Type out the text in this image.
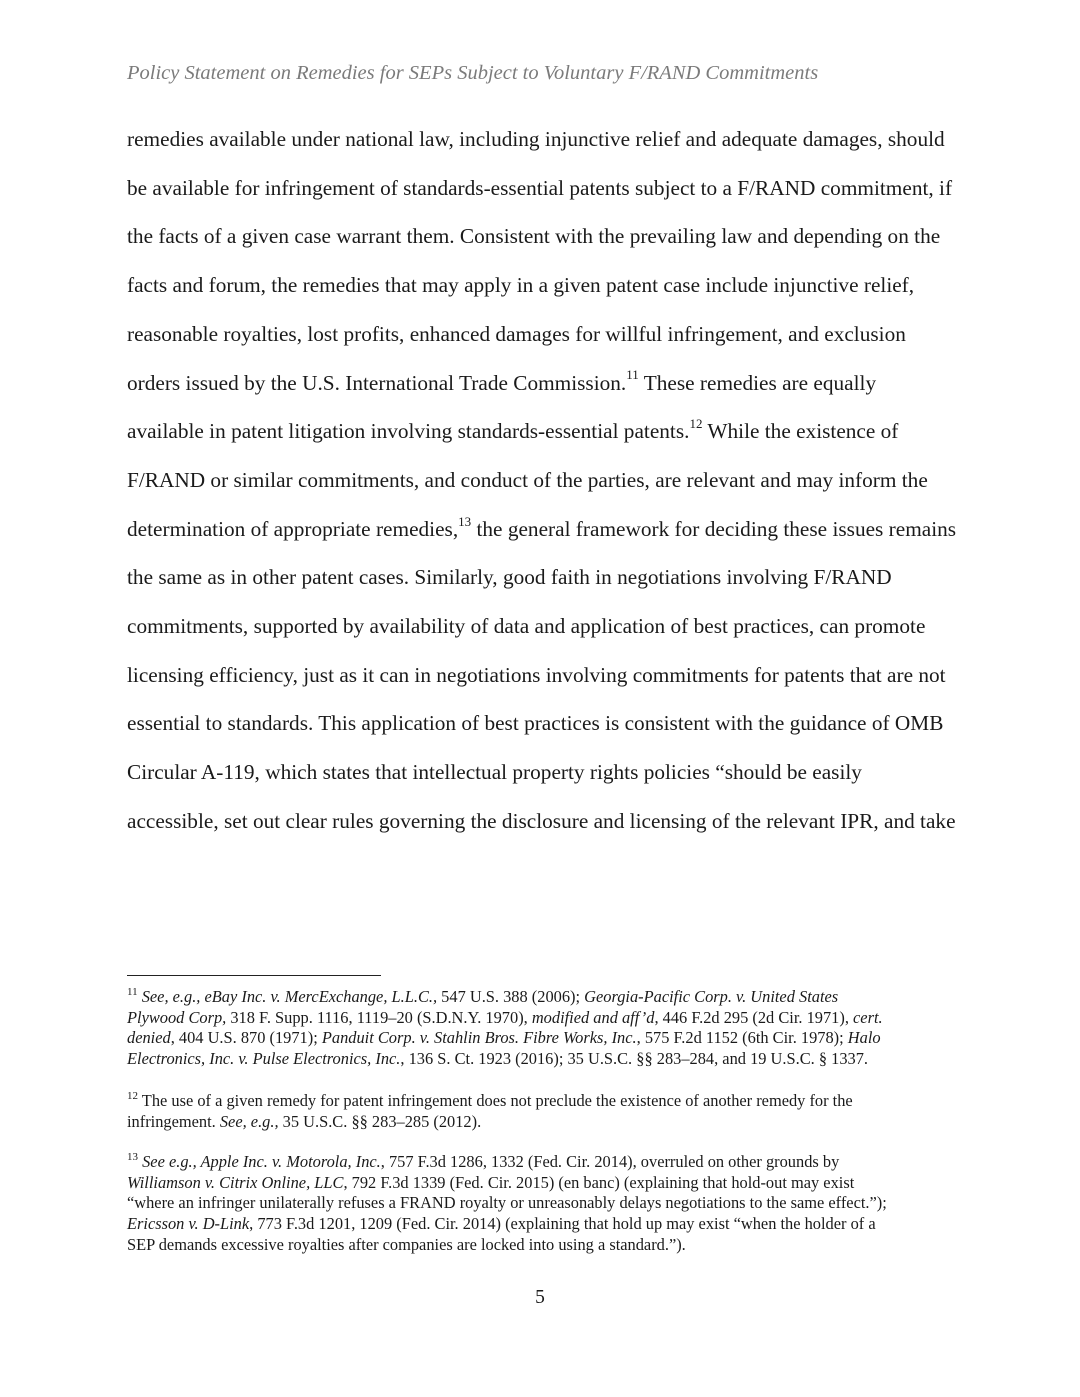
Policy Statement on Remedies for SEPs Subject to Voluntary F/RAND Commitments
remedies available under national law, including injunctive relief and adequate damages, should
be available for infringement of standards-essential patents subject to a F/RAND commitment, if
the facts of a given case warrant them. Consistent with the prevailing law and depending on the
facts and forum, the remedies that may apply in a given patent case include injunctive relief,
reasonable royalties, lost profits, enhanced damages for willful infringement, and exclusion
orders issued by the U.S. International Trade Commission.$^{11}$ These remedies are equally
available in patent litigation involving standards-essential patents.$^{12}$ While the existence of
F/RAND or similar commitments, and conduct of the parties, are relevant and may inform the
determination of appropriate remedies,$^{13}$ the general framework for deciding these issues remains
the same as in other patent cases. Similarly, good faith in negotiations involving F/RAND
commitments, supported by availability of data and application of best practices, can promote
licensing efficiency, just as it can in negotiations involving commitments for patents that are not
essential to standards. This application of best practices is consistent with the guidance of OMB
Circular A-119, which states that intellectual property rights policies “should be easily
accessible, set out clear rules governing the disclosure and licensing of the relevant IPR, and take
$^{11}$ See, e.g., eBay Inc. v. MercExchange, L.L.C., 547 U.S. 388 (2006); Georgia-Pacific Corp. v. United States
Plywood Corp, 318 F. Supp. 1116, 1119–20 (S.D.N.Y. 1970), modified and aff’d, 446 F.2d 295 (2d Cir. 1971), cert.
denied, 404 U.S. 870 (1971); Panduit Corp. v. Stahlin Bros. Fibre Works, Inc., 575 F.2d 1152 (6th Cir. 1978); Halo
Electronics, Inc. v. Pulse Electronics, Inc., 136 S. Ct. 1923 (2016); 35 U.S.C. §§ 283–284, and 19 U.S.C. § 1337.
$^{12}$ The use of a given remedy for patent infringement does not preclude the existence of another remedy for the
infringement. See, e.g., 35 U.S.C. §§ 283–285 (2012).
$^{13}$ See e.g., Apple Inc. v. Motorola, Inc., 757 F.3d 1286, 1332 (Fed. Cir. 2014), overruled on other grounds by
Williamson v. Citrix Online, LLC, 792 F.3d 1339 (Fed. Cir. 2015) (en banc) (explaining that hold-out may exist
“where an infringer unilaterally refuses a FRAND royalty or unreasonably delays negotiations to the same effect.”);
Ericsson v. D-Link, 773 F.3d 1201, 1209 (Fed. Cir. 2014) (explaining that hold up may exist “when the holder of a
SEP demands excessive royalties after companies are locked into using a standard.”).
5
